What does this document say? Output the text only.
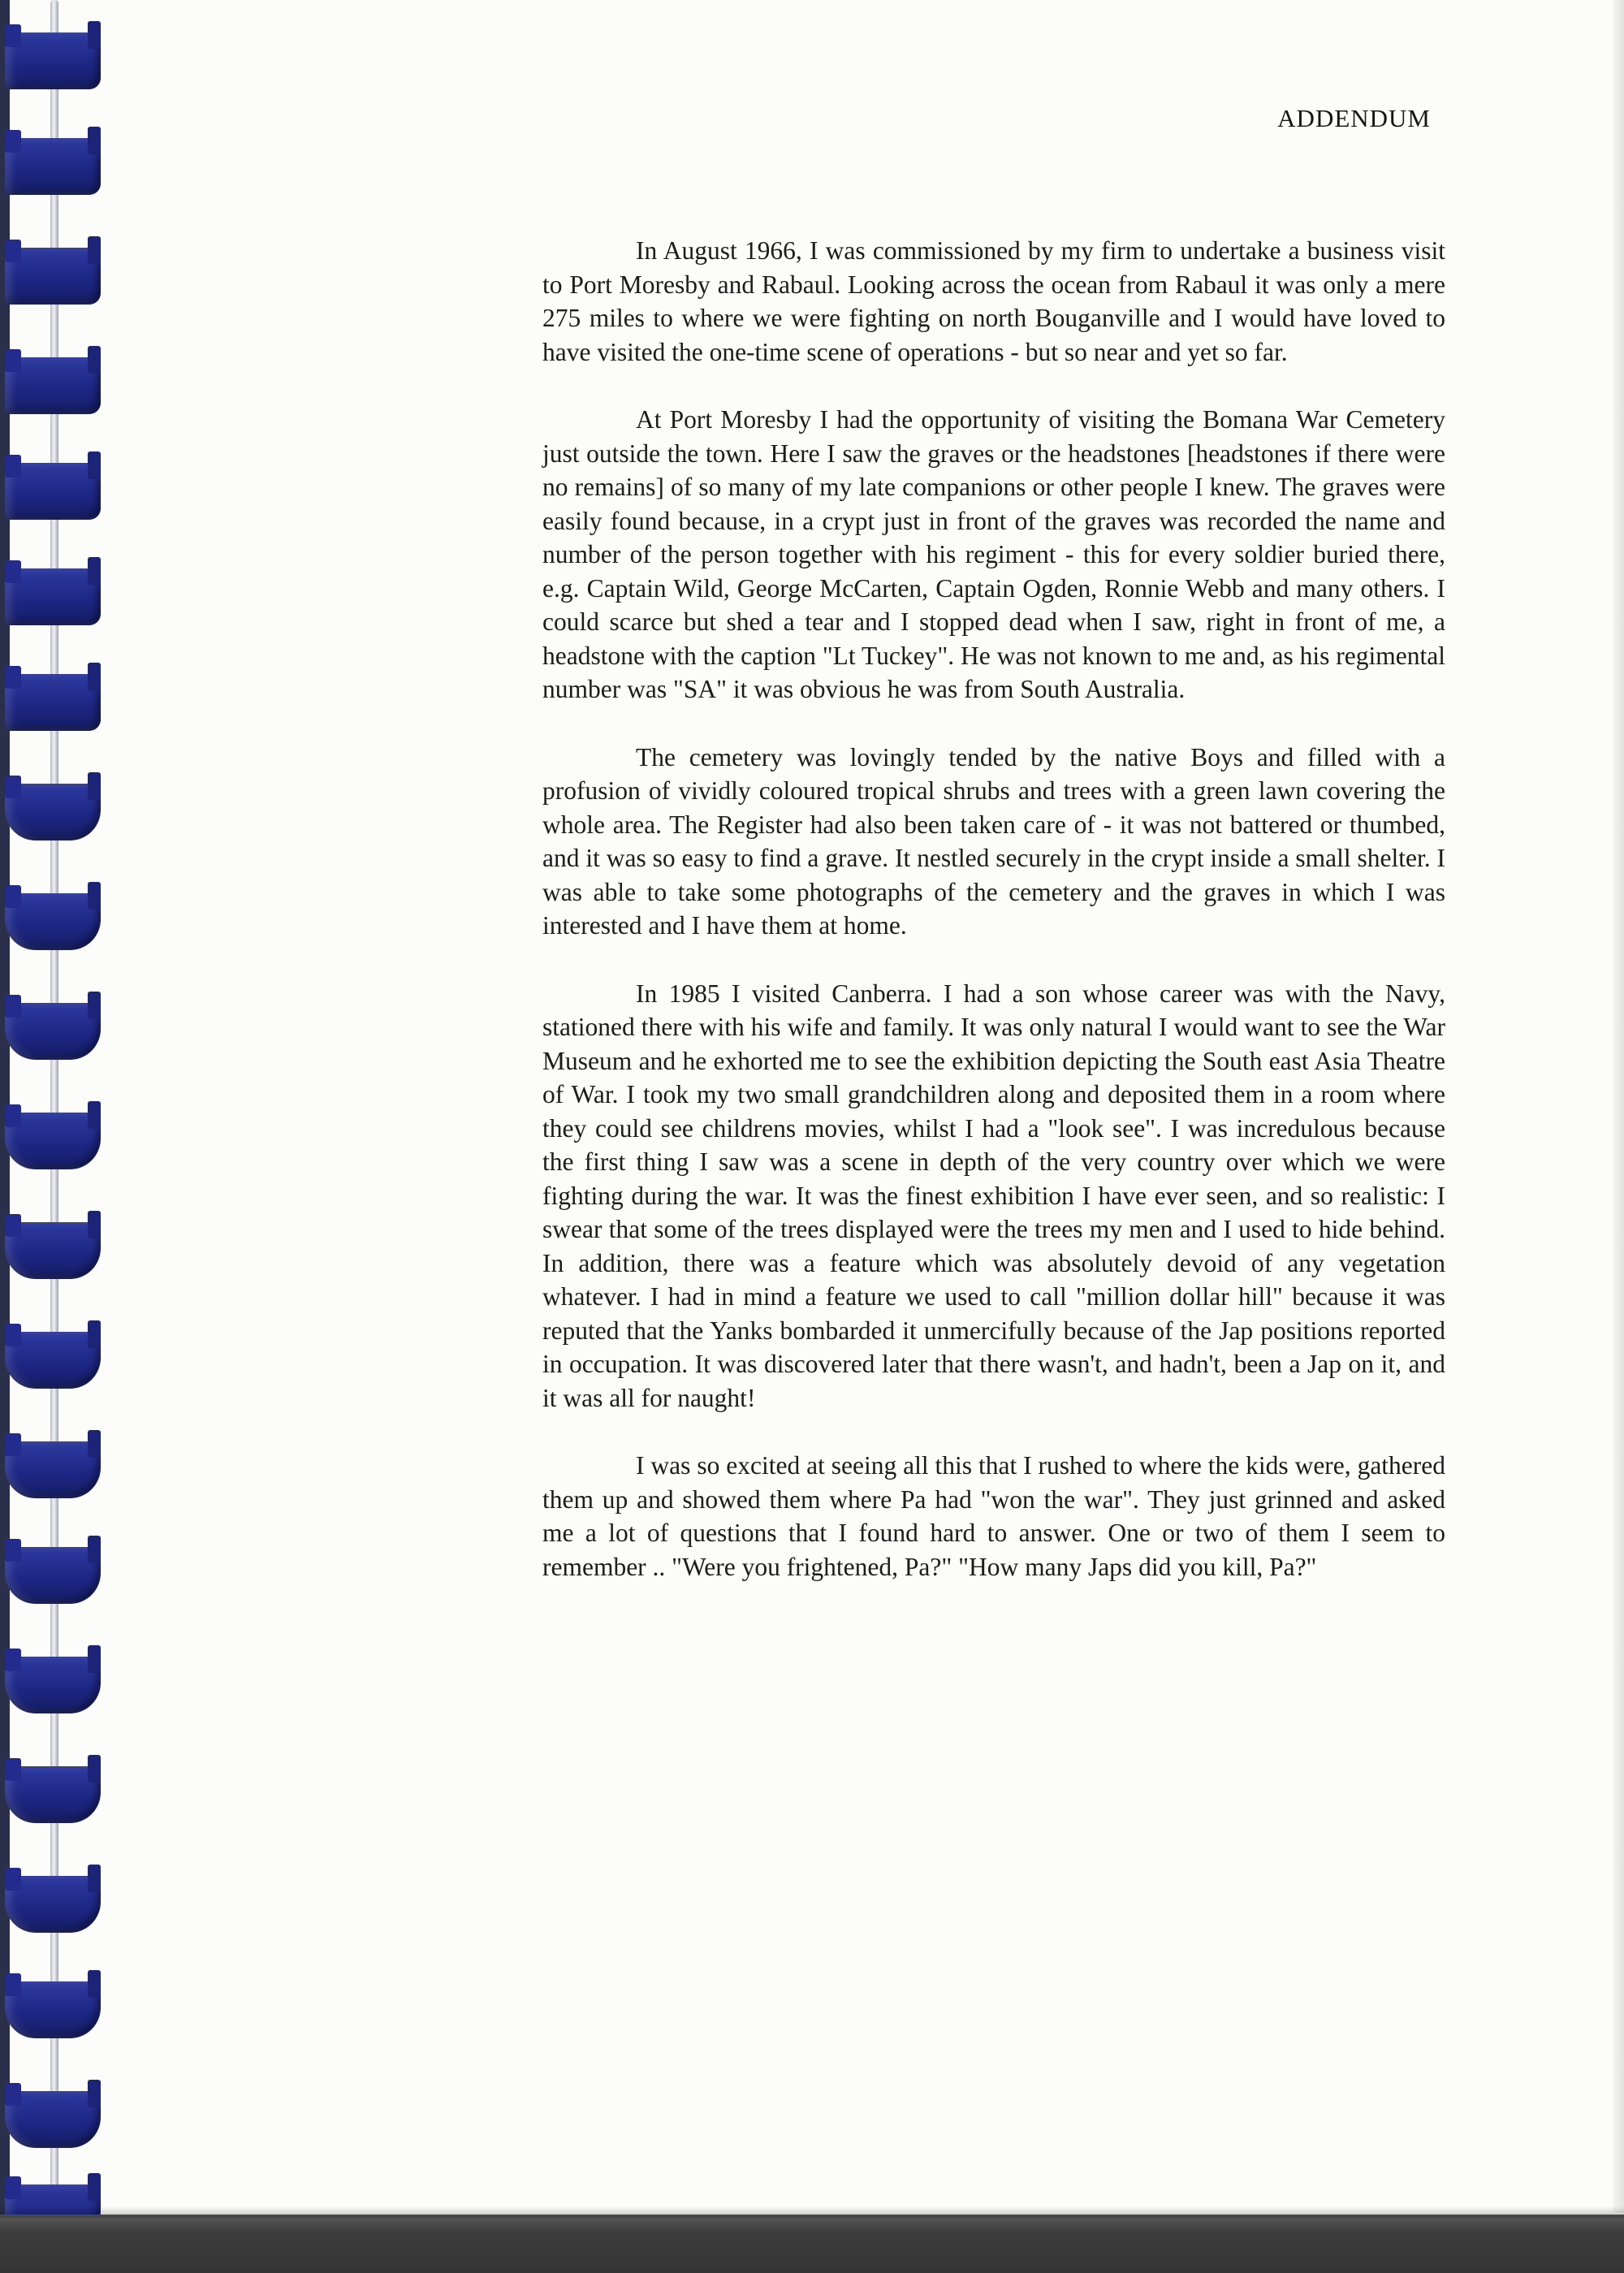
ADDENDUM

In August 1966, I was commissioned by my firm to undertake a business visit to Port Moresby and Rabaul. Looking across the ocean from Rabaul it was only a mere 275 miles to where we were fighting on north Bouganville and I would have loved to have visited the one-time scene of operations - but so near and yet so far.

At Port Moresby I had the opportunity of visiting the Bomana War Cemetery just outside the town. Here I saw the graves or the headstones [headstones if there were no remains] of so many of my late companions or other people I knew. The graves were easily found because, in a crypt just in front of the graves was recorded the name and number of the person together with his regiment - this for every soldier buried there, e.g. Captain Wild, George McCarten, Captain Ogden, Ronnie Webb and many others. I could scarce but shed a tear and I stopped dead when I saw, right in front of me, a headstone with the caption "Lt Tuckey". He was not known to me and, as his regimental number was "SA" it was obvious he was from South Australia.

The cemetery was lovingly tended by the native Boys and filled with a profusion of vividly coloured tropical shrubs and trees with a green lawn covering the whole area. The Register had also been taken care of - it was not battered or thumbed, and it was so easy to find a grave. It nestled securely in the crypt inside a small shelter. I was able to take some photographs of the cemetery and the graves in which I was interested and I have them at home.

In 1985 I visited Canberra. I had a son whose career was with the Navy, stationed there with his wife and family. It was only natural I would want to see the War Museum and he exhorted me to see the exhibition depicting the South east Asia Theatre of War. I took my two small grandchildren along and deposited them in a room where they could see childrens movies, whilst I had a "look see". I was incredulous because the first thing I saw was a scene in depth of the very country over which we were fighting during the war. It was the finest exhibition I have ever seen, and so realistic: I swear that some of the trees displayed were the trees my men and I used to hide behind. In addition, there was a feature which was absolutely devoid of any vegetation whatever. I had in mind a feature we used to call "million dollar hill" because it was reputed that the Yanks bombarded it unmercifully because of the Jap positions reported in occupation. It was discovered later that there wasn't, and hadn't, been a Jap on it, and it was all for naught!

I was so excited at seeing all this that I rushed to where the kids were, gathered them up and showed them where Pa had "won the war". They just grinned and asked me a lot of questions that I found hard to answer. One or two of them I seem to remember .. "Were you frightened, Pa?" "How many Japs did you kill, Pa?"
